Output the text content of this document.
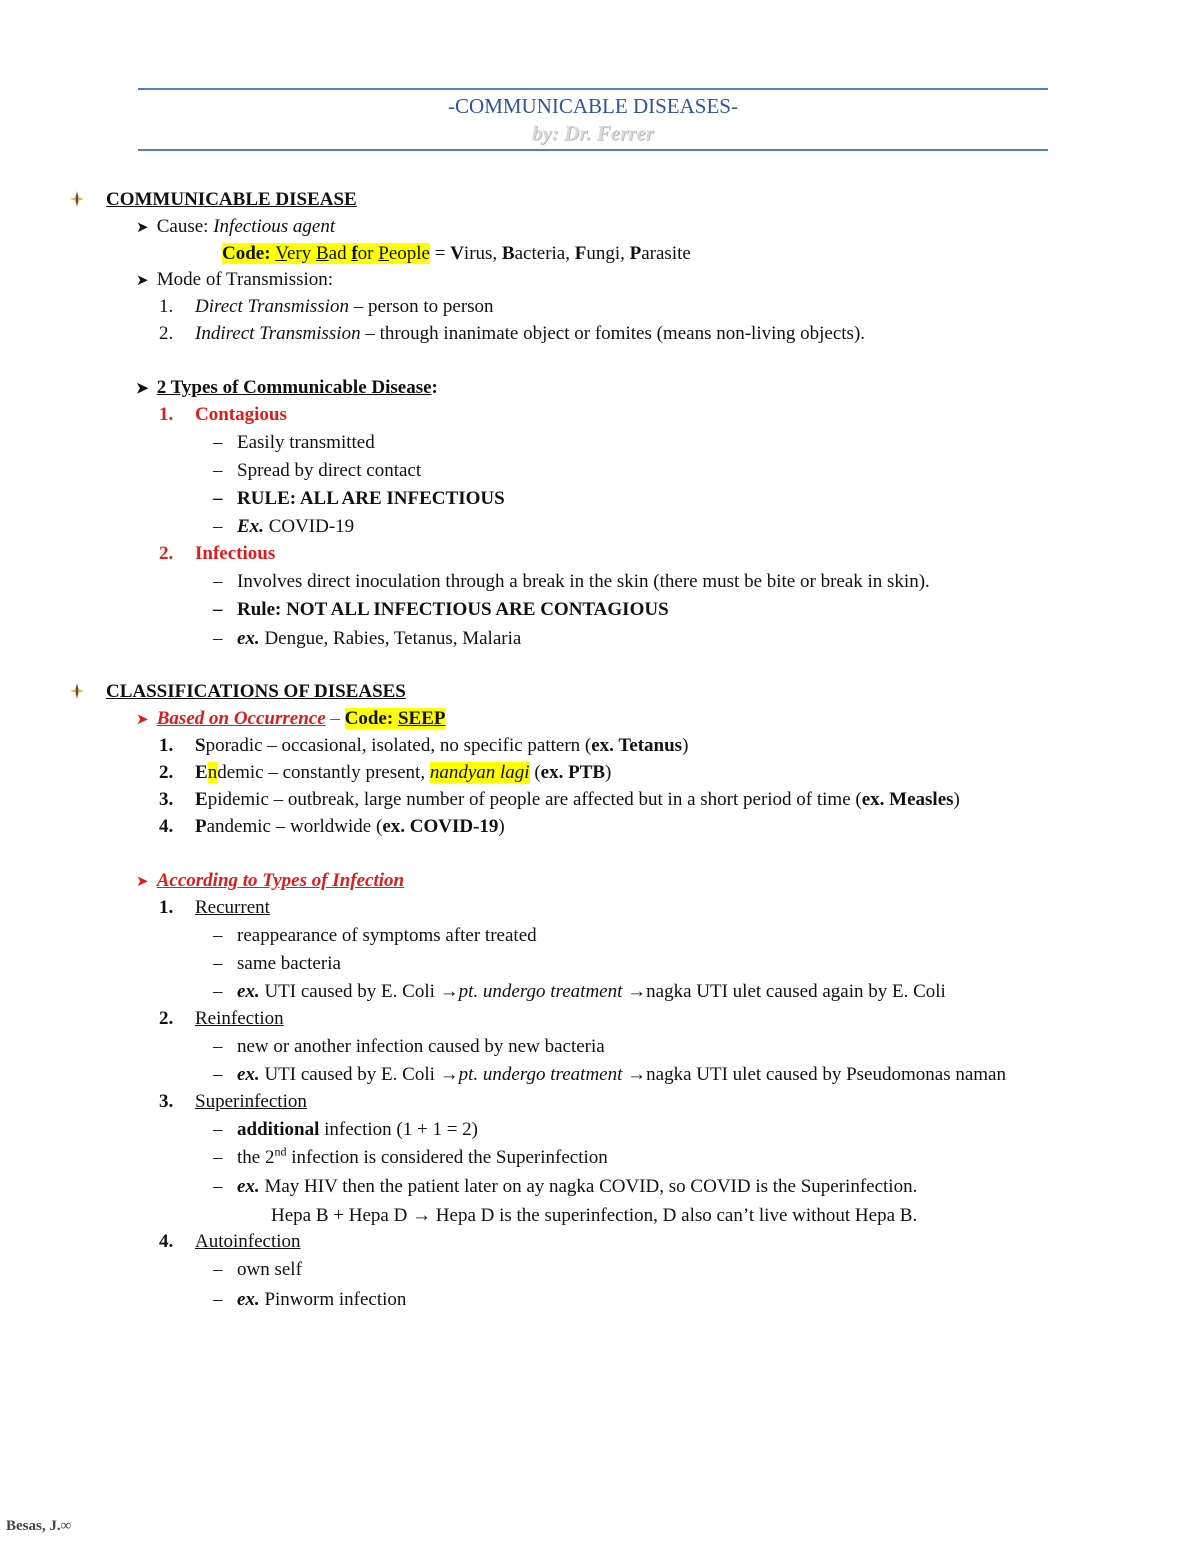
-COMMUNICABLE DISEASES-
by: Dr. Ferrer
COMMUNICABLE DISEASE
➤ Cause: Infectious agent
Code: Very Bad for People = Virus, Bacteria, Fungi, Parasite
➤ Mode of Transmission:
1. Direct Transmission – person to person
2. Indirect Transmission – through inanimate object or fomites (means non-living objects).
➤ 2 Types of Communicable Disease:
1. Contagious
– Easily transmitted
– Spread by direct contact
– RULE: ALL ARE INFECTIOUS
– Ex. COVID-19
2. Infectious
– Involves direct inoculation through a break in the skin (there must be bite or break in skin).
– Rule: NOT ALL INFECTIOUS ARE CONTAGIOUS
– ex. Dengue, Rabies, Tetanus, Malaria
CLASSIFICATIONS OF DISEASES
➤ Based on Occurrence – Code: SEEP
1. Sporadic – occasional, isolated, no specific pattern (ex. Tetanus)
2. Endemic – constantly present, nandyan lagi (ex. PTB)
3. Epidemic – outbreak, large number of people are affected but in a short period of time (ex. Measles)
4. Pandemic – worldwide (ex. COVID-19)
➤ According to Types of Infection
1. Recurrent
– reappearance of symptoms after treated
– same bacteria
– ex. UTI caused by E. Coli →pt. undergo treatment →nagka UTI ulet caused again by E. Coli
2. Reinfection
– new or another infection caused by new bacteria
– ex. UTI caused by E. Coli →pt. undergo treatment →nagka UTI ulet caused by Pseudomonas naman
3. Superinfection
– additional infection (1 + 1 = 2)
– the 2nd infection is considered the Superinfection
– ex. May HIV then the patient later on ay nagka COVID, so COVID is the Superinfection.
Hepa B + Hepa D → Hepa D is the superinfection, D also can’t live without Hepa B.
4. Autoinfection
– own self
– ex. Pinworm infection
Besas, J.∞
